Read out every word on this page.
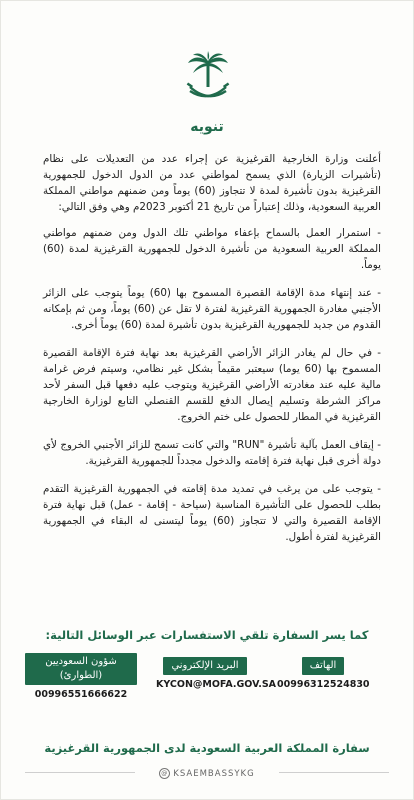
تنويه

أعلنت وزارة الخارجية القرغيزية عن إجراء عدد من التعديلات على نظام (تأشيرات الزيارة) الذي يسمح لمواطني عدد من الدول الدخول للجمهورية القرغيزية بدون تأشيرة لمدة لا تتجاوز (60) يوماً ومن ضمنهم مواطني المملكة العربية السعودية، وذلك إعتباراً من تاريخ 21 أكتوبر 2023م وهي وفق التالي:

- استمرار العمل بالسماح بإعفاء مواطني تلك الدول ومن ضمنهم مواطني المملكة العربية السعودية من تأشيرة الدخول للجمهورية القرغيزية لمدة (60) يوماً.

- عند إنتهاء مدة الإقامة القصيرة المسموح بها (60) يوماً يتوجب على الزائر الأجنبي مغادرة الجمهورية القرغيزية لفترة لا تقل عن (60) يوماً، ومن ثم بإمكانه القدوم من جديد للجمهورية القرغيزية بدون تأشيرة لمدة (60) يوماً أخرى.

- في حال لم يغادر الزائر الأراضي القرغيزية بعد نهاية فترة الإقامة القصيرة المسموح بها (60 يوما) سيعتبر مقيماً بشكل غير نظامي، وسيتم فرض غرامة مالية عليه عند مغادرته الأراضي القرغيزية ويتوجب عليه دفعها قبل السفر لأحد مراكز الشرطة وتسليم إيصال الدفع للقسم القنصلي التابع لوزارة الخارجية القرغيزية في المطار للحصول على ختم الخروج.

- إيقاف العمل بآلية تأشيرة "RUN" والتي كانت تسمح للزائر الأجنبي الخروج لأي دولة أخرى قبل نهاية فترة إقامته والدخول مجدداً للجمهورية القرغيزية.

- يتوجب على من يرغب في تمديد مدة إقامته في الجمهورية القرغيزية التقدم بطلب للحصول على التأشيرة المناسبة (سياحة - إقامة - عمل) قبل نهاية فترة الإقامة القصيرة والتي لا تتجاوز (60) يوماً ليتسنى له البقاء في الجمهورية القرغيزية لفترة أطول.

كما يسر السفارة تلقي الاستفسارات عبر الوسائل التالية:
الهاتف
00996312524830
البريد الإلكتروني
KYCON@MOFA.GOV.SA
شؤون السعوديين (الطوارئ)
00996551666622
سفارة المملكة العربية السعودية لدى الجمهورية القرغيزية
@ KSAEMBASSYKG
